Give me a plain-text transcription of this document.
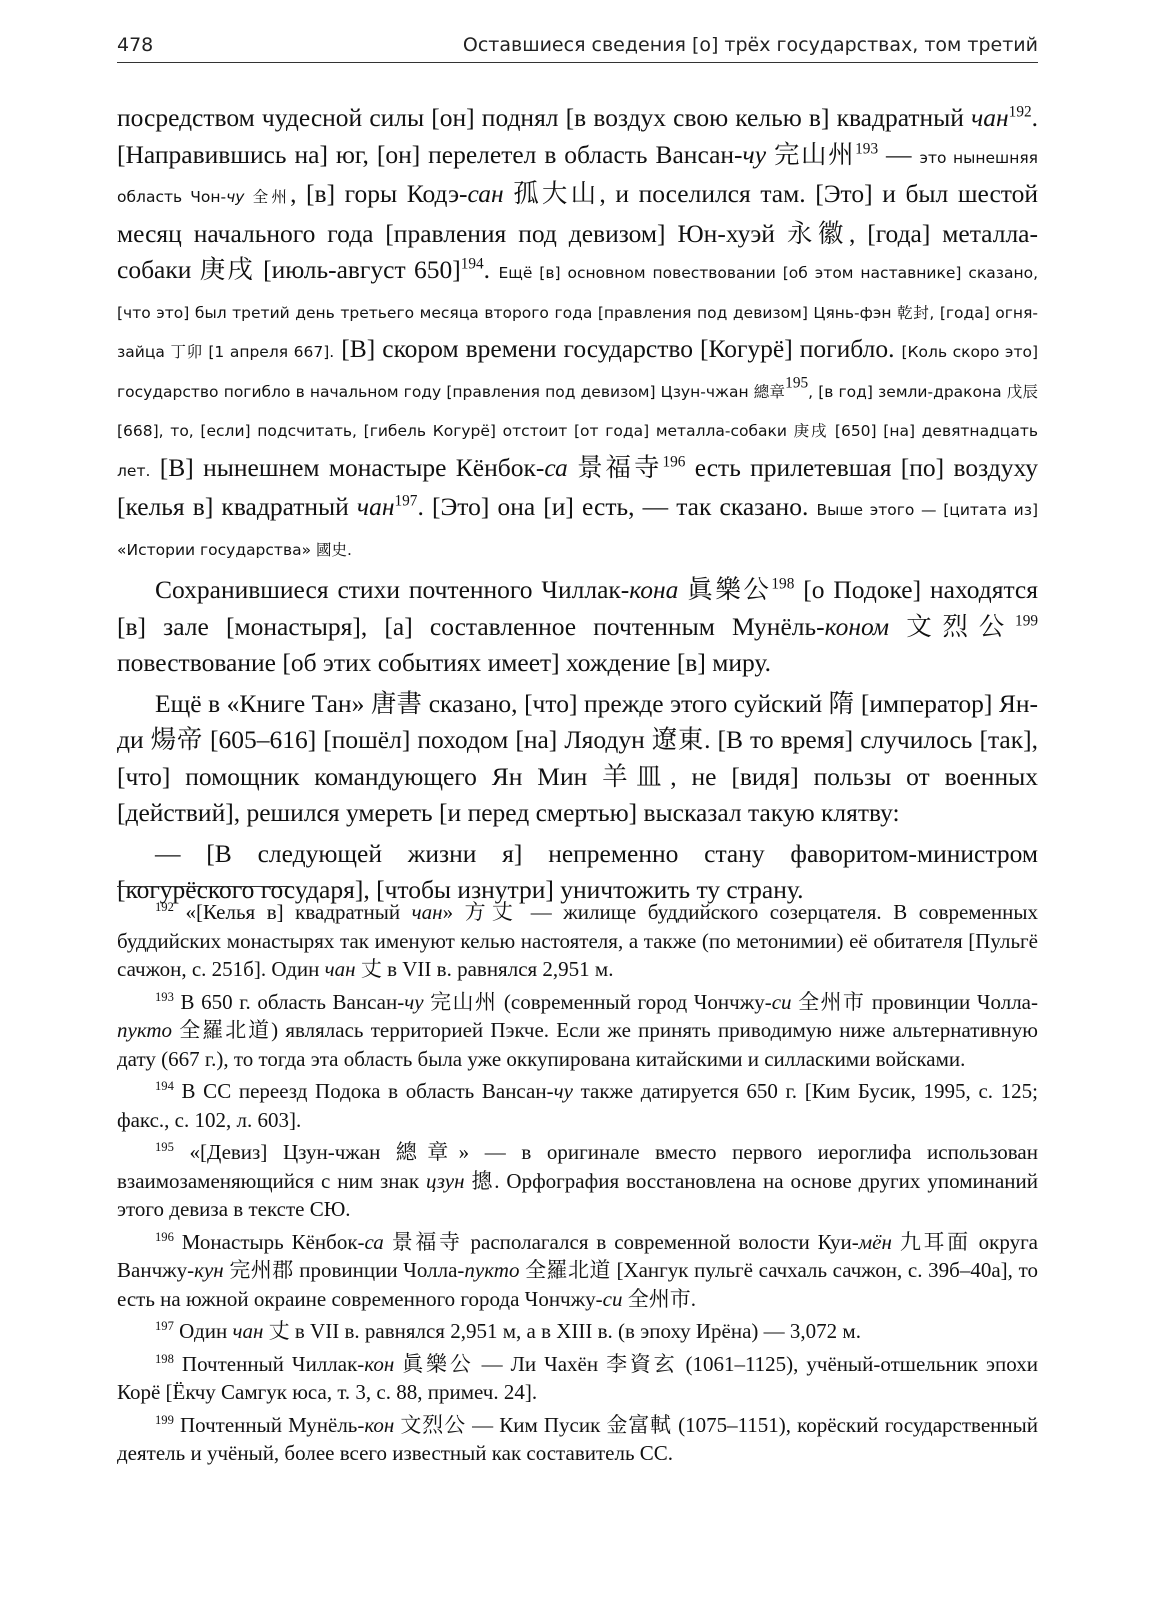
478	Оставшиеся сведения [о] трёх государствах, том третий

посредством чудесной силы [он] поднял [в воздух свою келью в] квадратный чан$^{192}$. [Направившись на] юг, [он] перелетел в область Вансан-чу 完山州$^{193}$ — это нынешняя область Чон-чу 全州, [в] горы Кодэ-сан 孤大山, и поселился там. [Это] и был шестой месяц начального года [правления под девизом] Юн-хуэй 永徽, [года] металла-собаки 庚戌 [июль-август 650]$^{194}$. Ещё [в] основном повествовании [об этом наставнике] сказано, [что это] был третий день третьего месяца второго года [правления под девизом] Цянь-фэн 乾封, [года] огня-зайца 丁卯 [1 апреля 667]. [В] скором времени государство [Когурё] погибло. [Коль скоро это] государство погибло в начальном году [правления под девизом] Цзун-чжан 總章$^{195}$, [в год] земли-дракона 戊辰 [668], то, [если] подсчитать, [гибель Когурё] отстоит [от года] металла-собаки 庚戌 [650] [на] девятнадцать лет. [В] нынешнем монастыре Кёнбок-са 景福寺$^{196}$ есть прилетевшая [по] воздуху [келья в] квадратный чан$^{197}$. [Это] она [и] есть, — так сказано. Выше этого — [цитата из] «Истории государства» 國史.

Сохранившиеся стихи почтенного Чиллак-кона 眞樂公$^{198}$ [о Подоке] находятся [в] зале [монастыря], [а] составленное почтенным Мунёль-коном 文烈公$^{199}$ повествование [об этих событиях имеет] хождение [в] миру.

Ещё в «Книге Тан» 唐書 сказано, [что] прежде этого суйский 隋 [император] Ян-ди 煬帝 [605–616] [пошёл] походом [на] Ляодун 遼東. [В то время] случилось [так], [что] помощник командующего Ян Мин 羊皿, не [видя] пользы от военных [действий], решился умереть [и перед смертью] высказал такую клятву:

— [В следующей жизни я] непременно стану фаворитом-министром [когурёского государя], [чтобы изнутри] уничтожить ту страну.

$^{192}$ «[Келья в] квадратный чан» 方丈 — жилище буддийского созерцателя. В современных буддийских монастырях так именуют келью настоятеля, а также (по метонимии) её обитателя [Пульгё сачжон, с. 251б]. Один чан 丈 в VII в. равнялся 2,951 м.

$^{193}$ В 650 г. область Вансан-чу 完山州 (современный город Чончжу-си 全州市 провинции Чолла-пукто 全羅北道) являлась территорией Пэкче. Если же принять приводимую ниже альтернативную дату (667 г.), то тогда эта область была уже оккупирована китайскими и силласкими войсками.

$^{194}$ В СС переезд Подока в область Вансан-чу также датируется 650 г. [Ким Бусик, 1995, с. 125; факс., с. 102, л. 603].

$^{195}$ «[Девиз] Цзун-чжан 總章» — в оригинале вместо первого иероглифа использован взаимозаменяющийся с ним знак цзун 摠. Орфография восстановлена на основе других упоминаний этого девиза в тексте СЮ.

$^{196}$ Монастырь Кёнбок-са 景福寺 располагался в современной волости Куи-мён 九耳面 округа Ванчжу-кун 完州郡 провинции Чолла-пукто 全羅北道 [Хангук пульгё сачхаль сачжон, с. 39б–40а], то есть на южной окраине современного города Чончжу-си 全州市.

$^{197}$ Один чан 丈 в VII в. равнялся 2,951 м, а в XIII в. (в эпоху Ирёна) — 3,072 м.

$^{198}$ Почтенный Чиллак-кон 眞樂公 — Ли Чахён 李資玄 (1061–1125), учёный-отшельник эпохи Корё [Ёкчу Самгук юса, т. 3, с. 88, примеч. 24].

$^{199}$ Почтенный Мунёль-кон 文烈公 — Ким Пусик 金富軾 (1075–1151), корёский государственный деятель и учёный, более всего известный как составитель СС.
